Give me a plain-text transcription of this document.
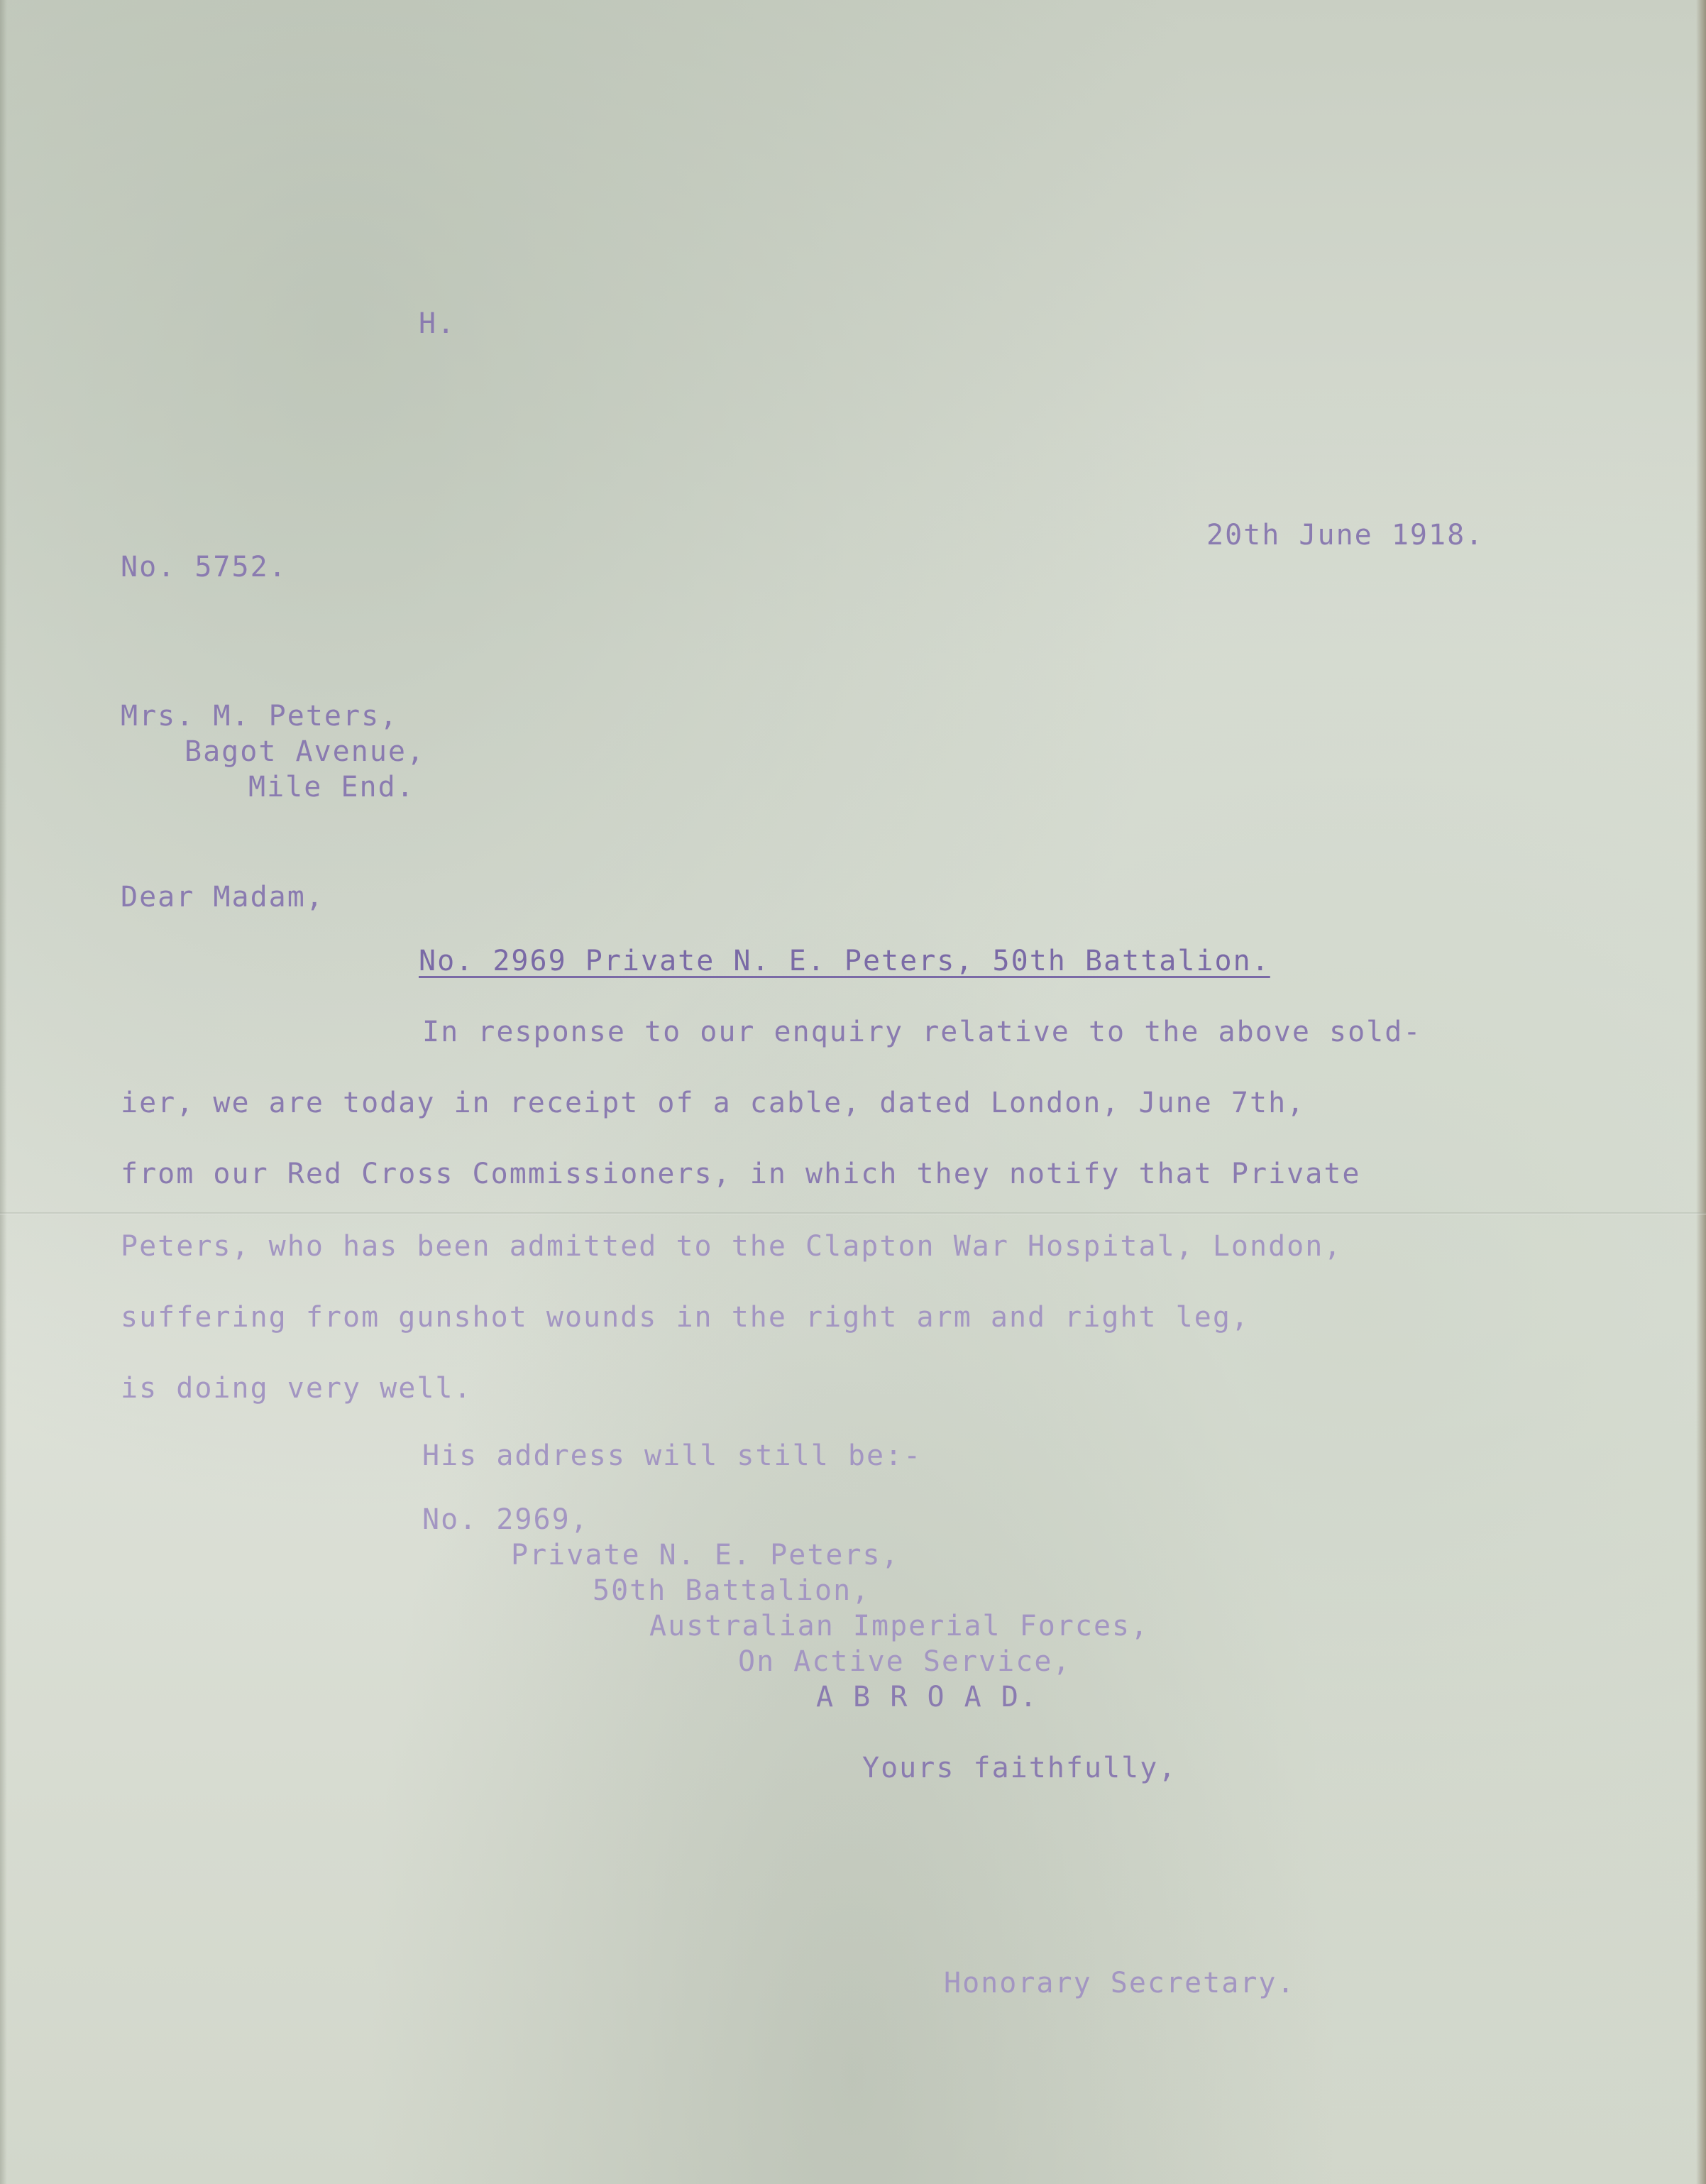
H.
20th June 1918.
No. 5752.
Mrs. M. Peters,
Bagot Avenue,
Mile End.
Dear Madam,
No. 2969 Private N. E. Peters, 50th Battalion.
In response to our enquiry relative to the above sold-
ier, we are today in receipt of a cable, dated London, June 7th,
from our Red Cross Commissioners, in which they notify that Private
Peters, who has been admitted to the Clapton War Hospital, London,
suffering from gunshot wounds in the right arm and right leg,
is doing very well.
His address will still be:-
No. 2969,
Private N. E. Peters,
50th Battalion,
Australian Imperial Forces,
On Active Service,
A B R O A D.
Yours faithfully,
Honorary Secretary.
